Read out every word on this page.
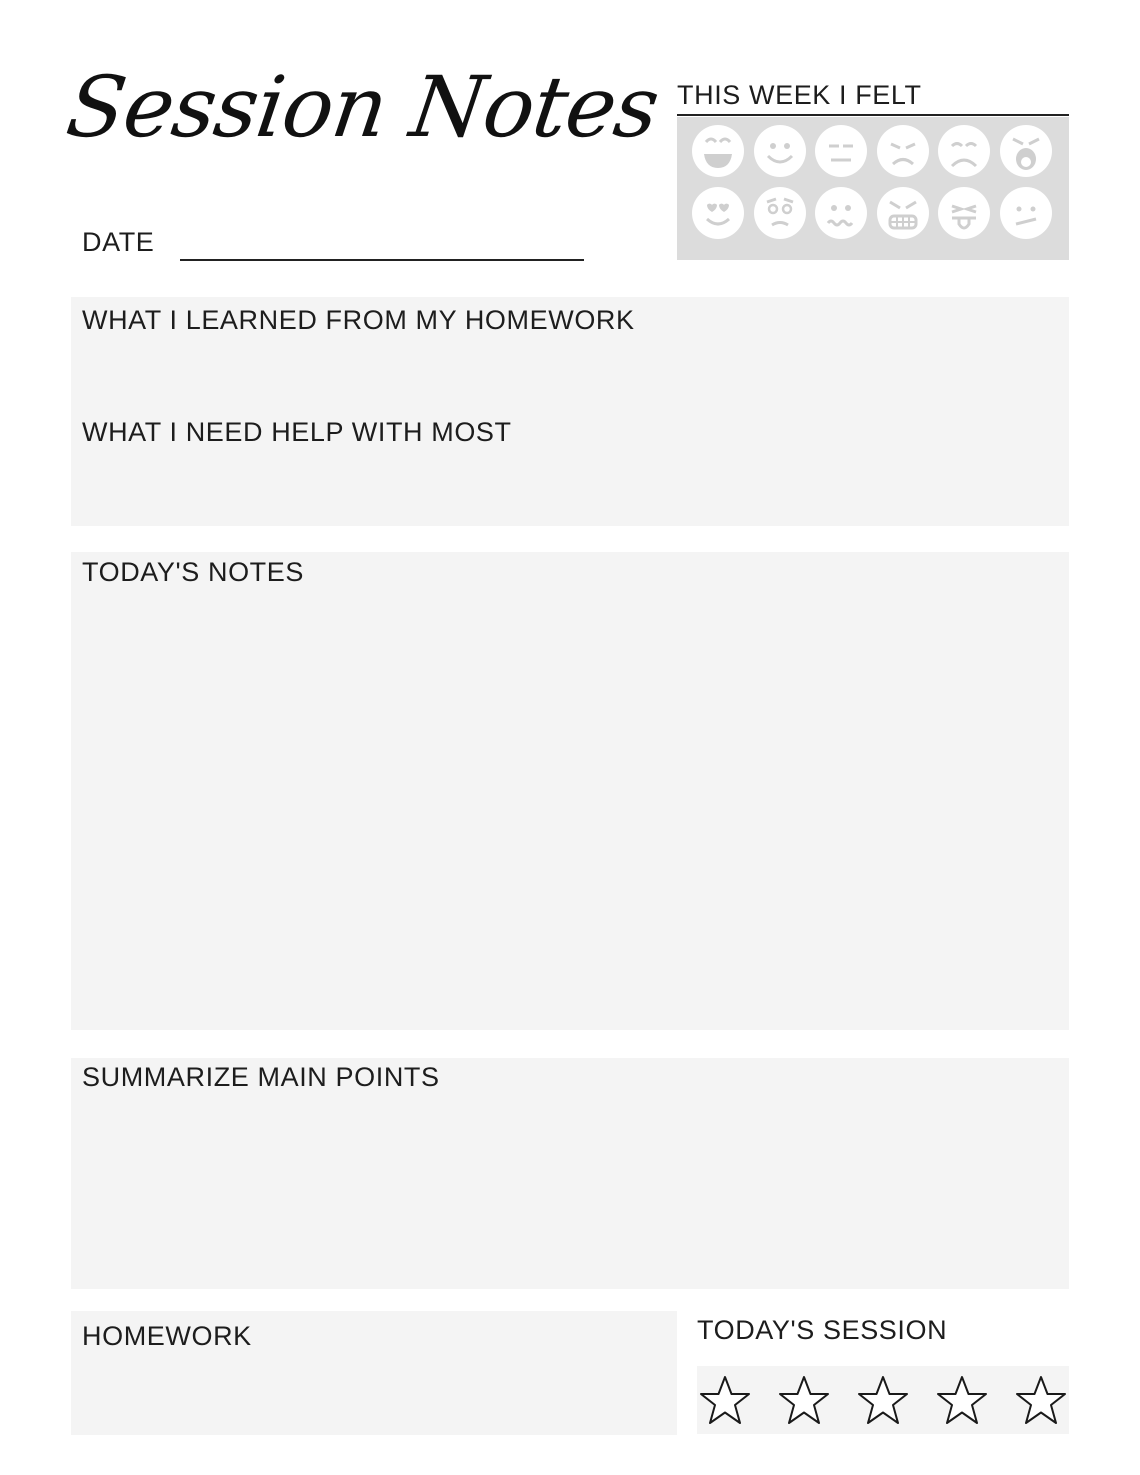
Session Notes THIS WEEK I FELT
DATE
WHAT I LEARNED FROM MY HOMEWORK
WHAT I NEED HELP WITH MOST
TODAY'S NOTES
SUMMARIZE MAIN POINTS
HOMEWORK	TODAY'S SESSION
